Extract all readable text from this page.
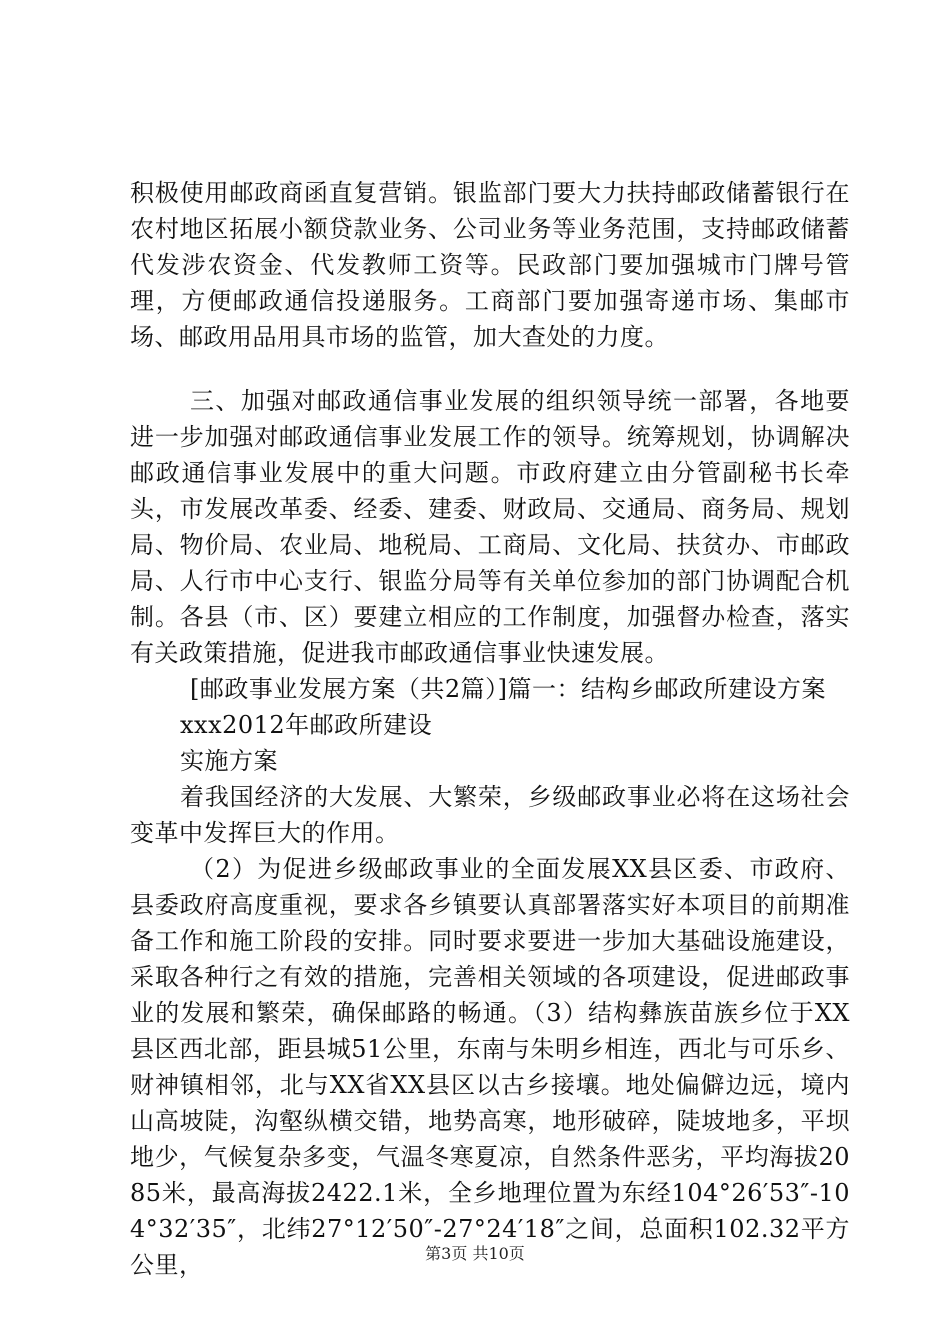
积极使用邮政商函直复营销。银监部门要大力扶持邮政储蓄银行在农村地区拓展小额贷款业务、公司业务等业务范围，支持邮政储蓄代发涉农资金、代发教师工资等。民政部门要加强城市门牌号管理，方便邮政通信投递服务。工商部门要加强寄递市场、集邮市场、邮政用品用具市场的监管，加大查处的力度。

三、加强对邮政通信事业发展的组织领导统一部署，各地要进一步加强对邮政通信事业发展工作的领导。统筹规划，协调解决邮政通信事业发展中的重大问题。市政府建立由分管副秘书长牵头，市发展改革委、经委、建委、财政局、交通局、商务局、规划局、物价局、农业局、地税局、工商局、文化局、扶贫办、市邮政局、人行市中心支行、银监分局等有关单位参加的部门协调配合机制。各县（市、区）要建立相应的工作制度，加强督办检查，落实有关政策措施，促进我市邮政通信事业快速发展。

[邮政事业发展方案（共2篇）]篇一：结构乡邮政所建设方案

xxx2012年邮政所建设

实施方案

着我国经济的大发展、大繁荣，乡级邮政事业必将在这场社会变革中发挥巨大的作用。

（2）为促进乡级邮政事业的全面发展XX县区委、市政府、县委政府高度重视，要求各乡镇要认真部署落实好本项目的前期准备工作和施工阶段的安排。同时要求要进一步加大基础设施建设，采取各种行之有效的措施，完善相关领域的各项建设，促进邮政事业的发展和繁荣，确保邮路的畅通。（3）结构彝族苗族乡位于XX县区西北部，距县城51公里，东南与朱明乡相连，西北与可乐乡、财神镇相邻，北与XX省XX县区以古乡接壤。地处偏僻边远，境内山高坡陡，沟壑纵横交错，地势高寒，地形破碎，陡坡地多，平坝地少，气候复杂多变，气温冬寒夏凉，自然条件恶劣，平均海拔2085米，最高海拔2422.1米，全乡地理位置为东经104°26′53″-104°32′35″，北纬27°12′50″-27°24′18″之间，总面积102.32平方公里，	第3页 共10页
